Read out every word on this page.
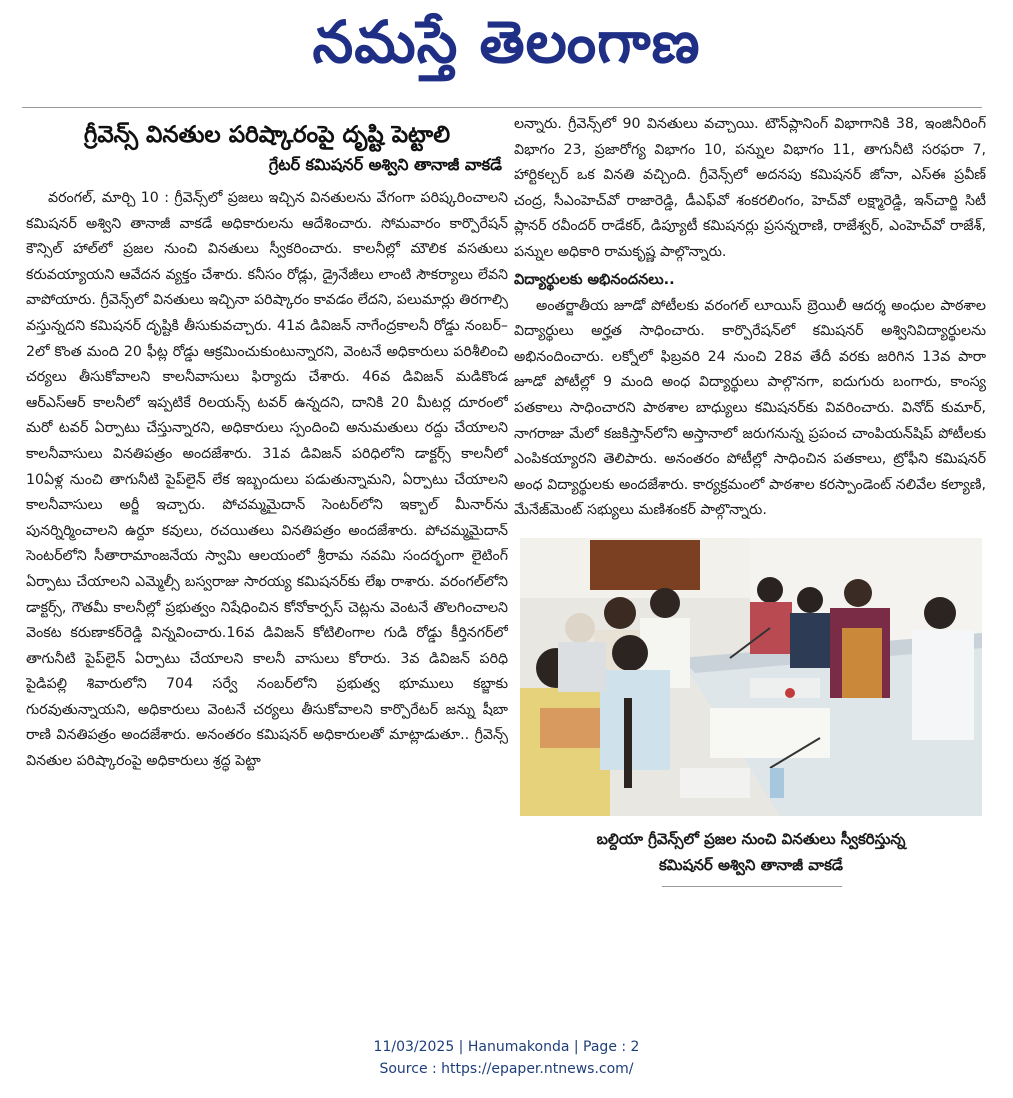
నమస్తే తెలంగాణ
గ్రీవెన్స్ వినతుల పరిష్కారంపై దృష్టి పెట్టాలి
గ్రేటర్ కమిషనర్ అశ్విని తానాజీ వాకడే

వరంగల్, మార్చి 10 : గ్రీవెన్స్‌లో ప్రజలు ఇచ్చిన వినతులను వేగంగా పరిష్కరించాలని కమిషనర్ అశ్విని తానాజీ వాకడే అధికారులను ఆదేశించారు. సోమవారం కార్పొరేషన్ కౌన్సిల్ హాల్‌లో ప్రజల నుంచి వినతులు స్వీకరించారు. కాలనీల్లో మౌలిక వసతులు కరువయ్యాయని ఆవేదన వ్యక్తం చేశారు. కనీసం రోడ్లు, డ్రైనేజీలు లాంటి సౌకర్యాలు లేవని వాపోయారు. గ్రీవెన్స్‌లో వినతులు ఇచ్చినా పరిష్కారం కావడం లేదని, పలుమార్లు తిరగాల్సి వస్తున్నదని కమిషనర్ దృష్టికి తీసుకువచ్చారు. 41వ డివిజన్ నాగేంద్రకాలనీ రోడ్డు నంబర్–2లో కొంత మంది 20 ఫీట్ల రోడ్డు ఆక్రమించుకుంటున్నారని, వెంటనే అధికారులు పరిశీలించి చర్యలు తీసుకోవాలని కాలనీవాసులు ఫిర్యాదు చేశారు. 46వ డివిజన్ మడికొండ ఆర్‌ఎస్‌ఆర్ కాలనీలో ఇప్పటికే రిలయన్స్ టవర్ ఉన్నదని, దానికి 20 మీటర్ల దూరంలో మరో టవర్ ఏర్పాటు చేస్తున్నారని, అధికారులు స్పందించి అనుమతులు రద్దు చేయాలని కాలనీవాసులు వినతిపత్రం అందజేశారు. 31వ డివిజన్ పరిధిలోని డాక్టర్స్ కాలనీలో 10ఏళ్ల నుంచి తాగునీటి పైప్‌లైన్ లేక ఇబ్బందులు పడుతున్నామని, ఏర్పాటు చేయాలని కాలనీవాసులు అర్జీ ఇచ్చారు. పోచమ్మమైదాన్ సెంటర్‌లోని ఇక్బాల్ మీనార్‌ను పునర్నిర్మించాలని ఉర్దూ కవులు, రచయితలు వినతిపత్రం అందజేశారు. పోచమ్మమైదాన్ సెంటర్‌లోని సీతారామాంజనేయ స్వామి ఆలయంలో శ్రీరామ నవమి సందర్భంగా లైటింగ్ ఏర్పాటు చేయాలని ఎమ్మెల్సీ బస్వరాజు సారయ్య కమిషనర్‌కు లేఖ రాశారు. వరంగల్‌లోని డాక్టర్స్, గౌతమీ కాలనీల్లో ప్రభుత్వం నిషేధించిన కోనోకార్పస్ చెట్లను వెంటనే తొలగించాలని వెంకట కరుణాకర్‌రెడ్డి విన్నవించారు.16వ డివిజన్ కోటిలింగాల గుడి రోడ్డు కీర్తినగర్‌లో తాగునీటి పైప్‌లైన్ ఏర్పాటు చేయాలని కాలనీ వాసులు కోరారు. 3వ డివిజన్ పరిధి పైడిపల్లి శివారులోని 704 సర్వే నంబర్‌లోని ప్రభుత్వ భూములు కబ్జాకు గురవుతున్నాయని, అధికారులు వెంటనే చర్యలు తీసుకోవాలని కార్పొరేటర్ జన్ను షీబా రాణి వినతిపత్రం అందజేశారు. అనంతరం కమిషనర్ అధికారులతో మాట్లాడుతూ.. గ్రీవెన్స్ వినతుల పరిష్కారంపై అధికారులు శ్రద్ధ పెట్టా

లన్నారు. గ్రీవెన్స్‌లో 90 వినతులు వచ్చాయి. టౌన్‌ప్లానింగ్ విభాగానికి 38, ఇంజినీరింగ్ విభాగం 23, ప్రజారోగ్య విభాగం 10, పన్నుల విభాగం 11, తాగునీటి సరఫరా 7, హార్టికల్చర్ ఒక వినతి వచ్చింది. గ్రీవెన్స్‌లో అదనపు కమిషనర్ జోనా, ఎస్‌ఈ ప్రవీణ్ చంద్ర, సీఎంహెచ్‌వో రాజారెడ్డి, డీఎఫ్‌వో శంకరలింగం, హెచ్‌వో లక్ష్మారెడ్డి, ఇన్‌చార్జి సిటీ ప్లానర్ రవీందర్ రాడేకర్, డిప్యూటీ కమిషనర్లు ప్రసన్నరాణి, రాజేశ్వర్, ఎంహెచ్‌వో రాజేశ్, పన్నుల అధికారి రామకృష్ణ పాల్గొన్నారు.

విద్యార్థులకు అభినందనలు..

అంతర్జాతీయ జూడో పోటీలకు వరంగల్ లూయిస్ బ్రెయిలీ ఆదర్శ అంధుల పాఠశాల విద్యార్థులు అర్హత సాధించారు. కార్పొరేషన్‌లో కమిషనర్ అశ్వినివిద్యార్థులను అభినందించారు. లక్నోలో ఫిబ్రవరి 24 నుంచి 28వ తేదీ వరకు జరిగిన 13వ పారా జూడో పోటీల్లో 9 మంది అంధ విద్యార్థులు పాల్గొనగా, ఐదుగురు బంగారు, కాంస్య పతకాలు సాధించారని పాఠశాల బాధ్యులు కమిషనర్‌కు వివరించారు. వినోద్ కుమార్, నాగరాజు మేలో కజకిస్తాన్‌లోని అస్తానాలో జరుగనున్న ప్రపంచ చాంపియన్‌షిప్ పోటీలకు ఎంపికయ్యారని తెలిపారు. అనంతరం పోటీల్లో సాధించిన పతకాలు, ట్రోఫీని కమిషనర్ అంధ విద్యార్థులకు అందజేశారు. కార్యక్రమంలో పాఠశాల కరస్పాండెంట్ నలివేల కల్యాణి, మేనేజ్‌మెంట్ సభ్యులు మణిశంకర్ పాల్గొన్నారు.

బల్దియా గ్రీవెన్స్‌లో ప్రజల నుంచి వినతులు స్వీకరిస్తున్న
కమిషనర్ అశ్విని తానాజీ వాకడే
11/03/2025 | Hanumakonda | Page : 2
Source : https://epaper.ntnews.com/
